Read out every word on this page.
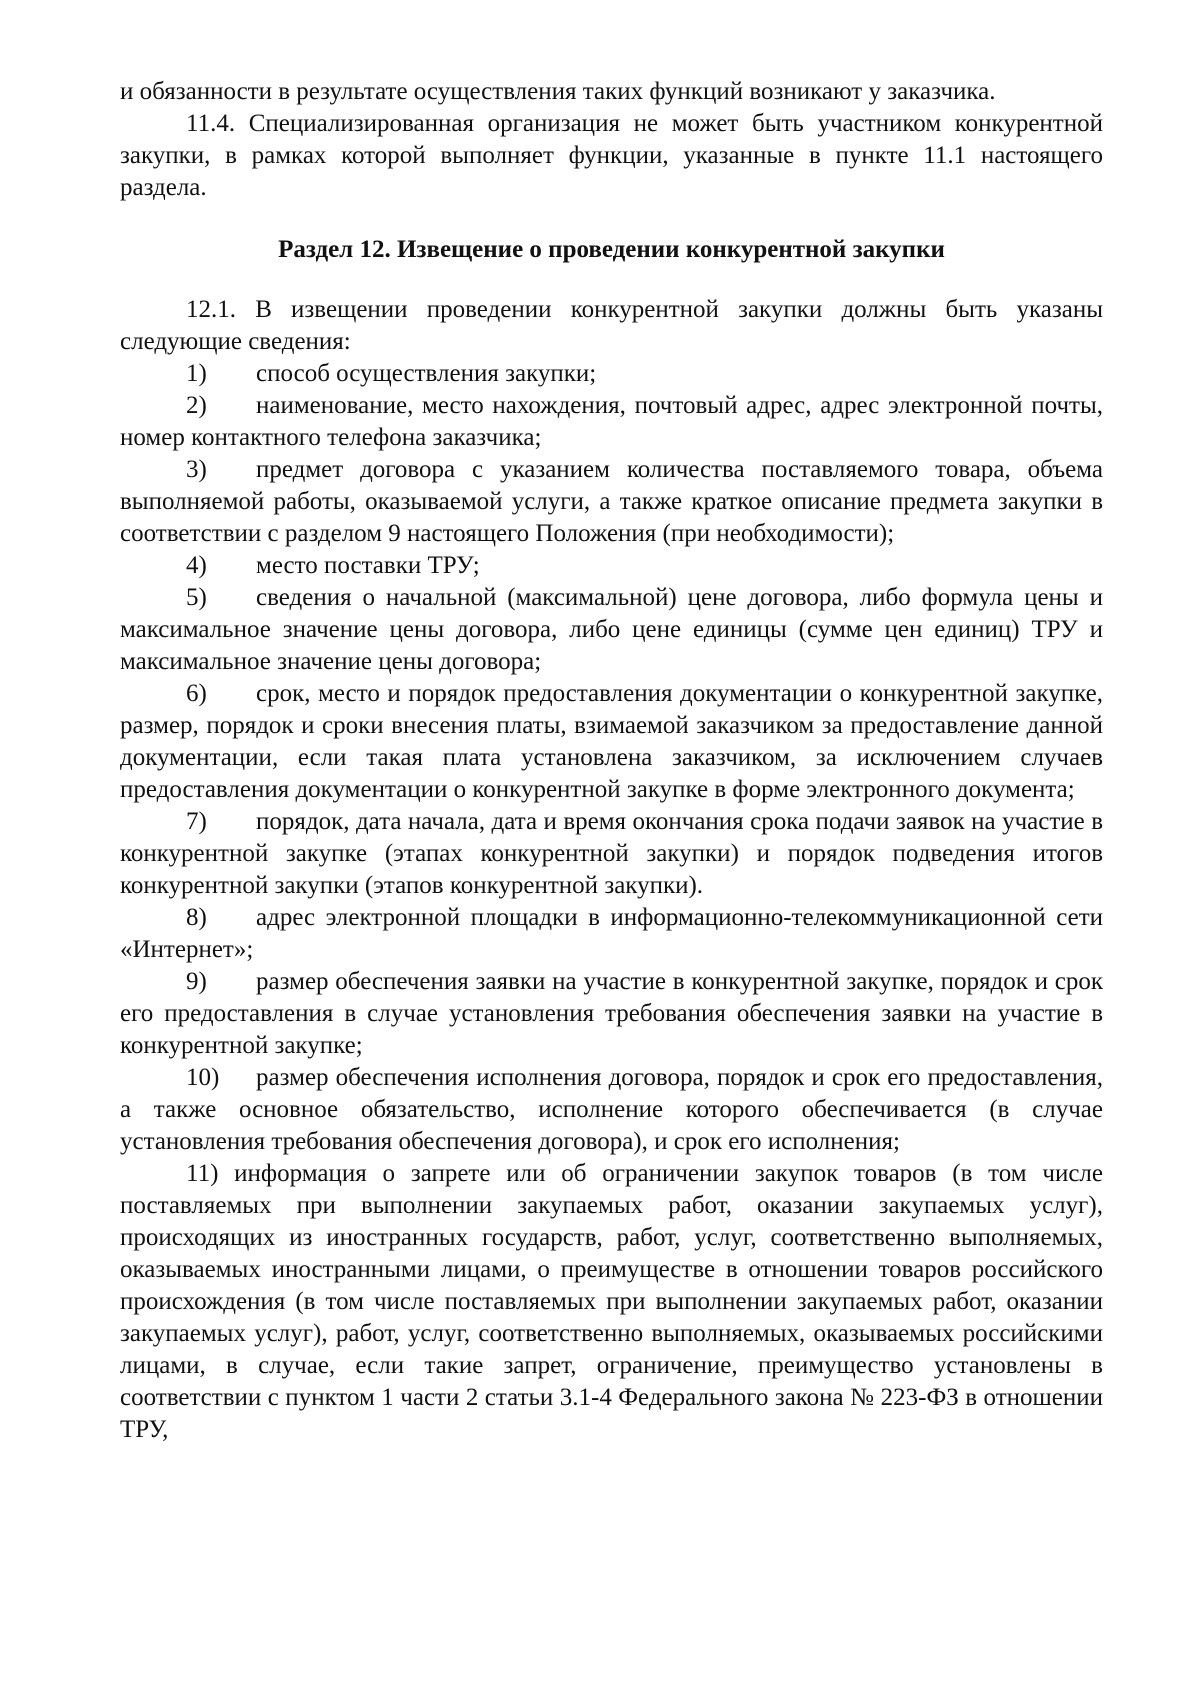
и обязанности в результате осуществления таких функций возникают у заказчика.

11.4. Специализированная организация не может быть участником конкурентной закупки, в рамках которой выполняет функции, указанные в пункте 11.1 настоящего раздела.

Раздел 12. Извещение о проведении конкурентной закупки

12.1. В извещении проведении конкурентной закупки должны быть указаны следующие сведения:

1) способ осуществления закупки;

2) наименование, место нахождения, почтовый адрес, адрес электронной почты, номер контактного телефона заказчика;

3) предмет договора с указанием количества поставляемого товара, объема выполняемой работы, оказываемой услуги, а также краткое описание предмета закупки в соответствии с разделом 9 настоящего Положения (при необходимости);

4) место поставки ТРУ;

5) сведения о начальной (максимальной) цене договора, либо формула цены и максимальное значение цены договора, либо цене единицы (сумме цен единиц) ТРУ и максимальное значение цены договора;

6) срок, место и порядок предоставления документации о конкурентной закупке, размер, порядок и сроки внесения платы, взимаемой заказчиком за предоставление данной документации, если такая плата установлена заказчиком, за исключением случаев предоставления документации о конкурентной закупке в форме электронного документа;

7) порядок, дата начала, дата и время окончания срока подачи заявок на участие в конкурентной закупке (этапах конкурентной закупки) и порядок подведения итогов конкурентной закупки (этапов конкурентной закупки).

8) адрес электронной площадки в информационно-телекоммуникационной сети «Интернет»;

9) размер обеспечения заявки на участие в конкурентной закупке, порядок и срок его предоставления в случае установления требования обеспечения заявки на участие в конкурентной закупке;

10) размер обеспечения исполнения договора, порядок и срок его предоставления, а также основное обязательство, исполнение которого обеспечивается (в случае установления требования обеспечения договора), и срок его исполнения;

11) информация о запрете или об ограничении закупок товаров (в том числе поставляемых при выполнении закупаемых работ, оказании закупаемых услуг), происходящих из иностранных государств, работ, услуг, соответственно выполняемых, оказываемых иностранными лицами, о преимуществе в отношении товаров российского происхождения (в том числе поставляемых при выполнении закупаемых работ, оказании закупаемых услуг), работ, услуг, соответственно выполняемых, оказываемых российскими лицами, в случае, если такие запрет, ограничение, преимущество установлены в соответствии с пунктом 1 части 2 статьи 3.1-4 Федерального закона № 223-ФЗ в отношении ТРУ,
